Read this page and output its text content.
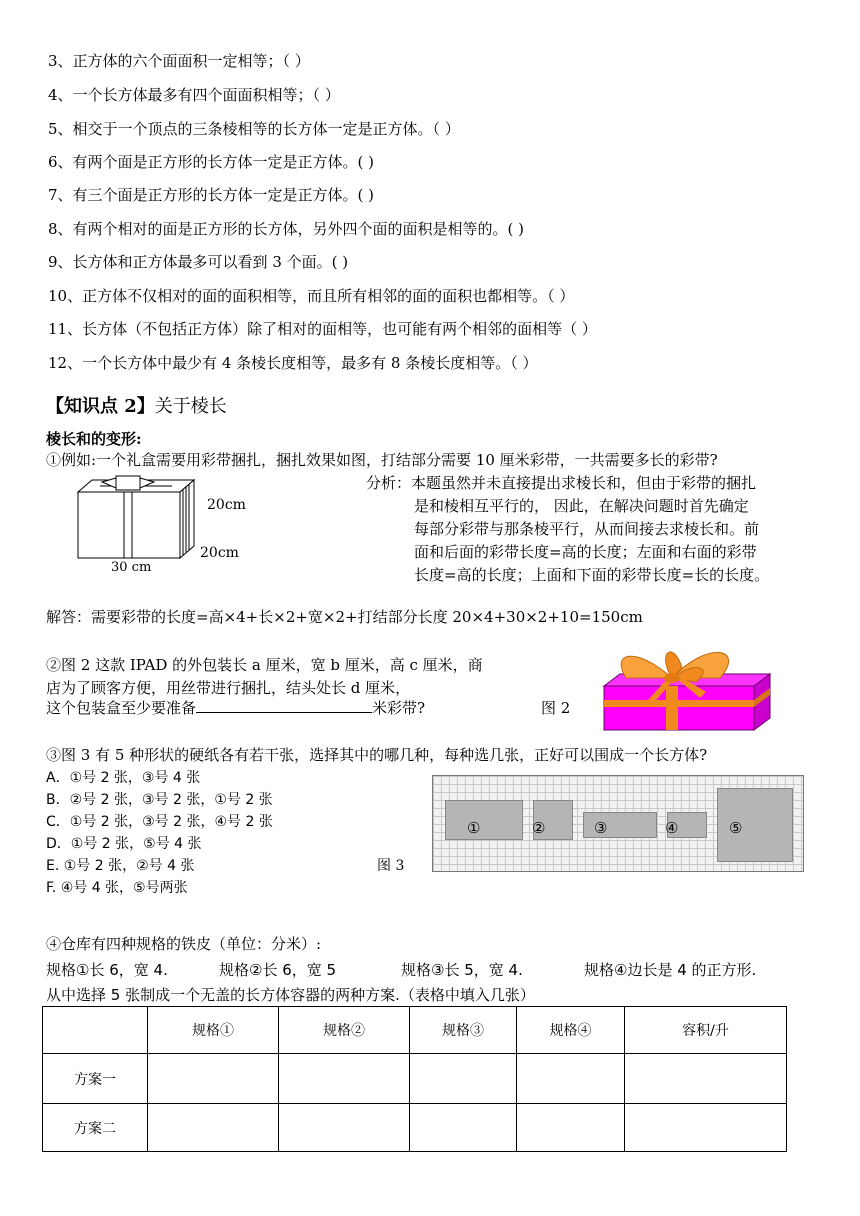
3、正方体的六个面面积一定相等；（ ）
4、一个长方体最多有四个面面积相等；（ ）
5、相交于一个顶点的三条棱相等的长方体一定是正方体。（ ）
6、有两个面是正方形的长方体一定是正方体。( )
7、有三个面是正方形的长方体一定是正方体。( )
8、有两个相对的面是正方形的长方体，另外四个面的面积是相等的。( )
9、长方体和正方体最多可以看到 3 个面。( )
10、正方体不仅相对的面的面积相等，而且所有相邻的面的面积也都相等。（ ）
11、长方体（不包括正方体）除了相对的面相等，也可能有两个相邻的面相等（ ）
12、一个长方体中最少有 4 条棱长度相等，最多有 8 条棱长度相等。（ ）
【知识点 2】关于棱长
棱长和的变形:
①例如:一个礼盒需要用彩带捆扎，捆扎效果如图，打结部分需要 10 厘米彩带，一共需要多长的彩带?
20cm
20cm
30 cm
分析：本题虽然并未直接提出求棱长和，但由于彩带的捆扎
是和棱相互平行的， 因此，在解决问题时首先确定
每部分彩带与那条棱平行，从而间接去求棱长和。前
面和后面的彩带长度=高的长度；左面和右面的彩带
长度=高的长度；上面和下面的彩带长度=长的长度。
解答：需要彩带的长度=高×4+长×2+宽×2+打结部分长度 20×4+30×2+10=150cm
②图 2 这款 IPAD 的外包装长 a 厘米，宽 b 厘米，高 c 厘米，商
店为了顾客方便，用丝带进行捆扎，结头处长 d 厘米，
这个包装盒至少要准备	米彩带?	图 2
③图 3 有 5 种形状的硬纸各有若干张，选择其中的哪几种，每种选几张，正好可以围成一个长方体?
A．①号 2 张，③号 4 张
B．②号 2 张，③号 2 张，①号 2 张
C．①号 2 张，③号 2 张，④号 2 张
D．①号 2 张，⑤号 4 张
E. ①号 2 张，②号 4 张
F. ④号 4 张，⑤号两张
图 3
①	②	③	④	⑤
④仓库有四种规格的铁皮（单位：分米）:
规格①长 6，宽 4.	规格②长 6，宽 5	规格③长 5，宽 4.	规格④边长是 4 的正方形.
从中选择 5 张制成一个无盖的长方体容器的两种方案.（表格中填入几张）
	规格①	规格②	规格③	规格④	容积/升
方案一					
方案二					
